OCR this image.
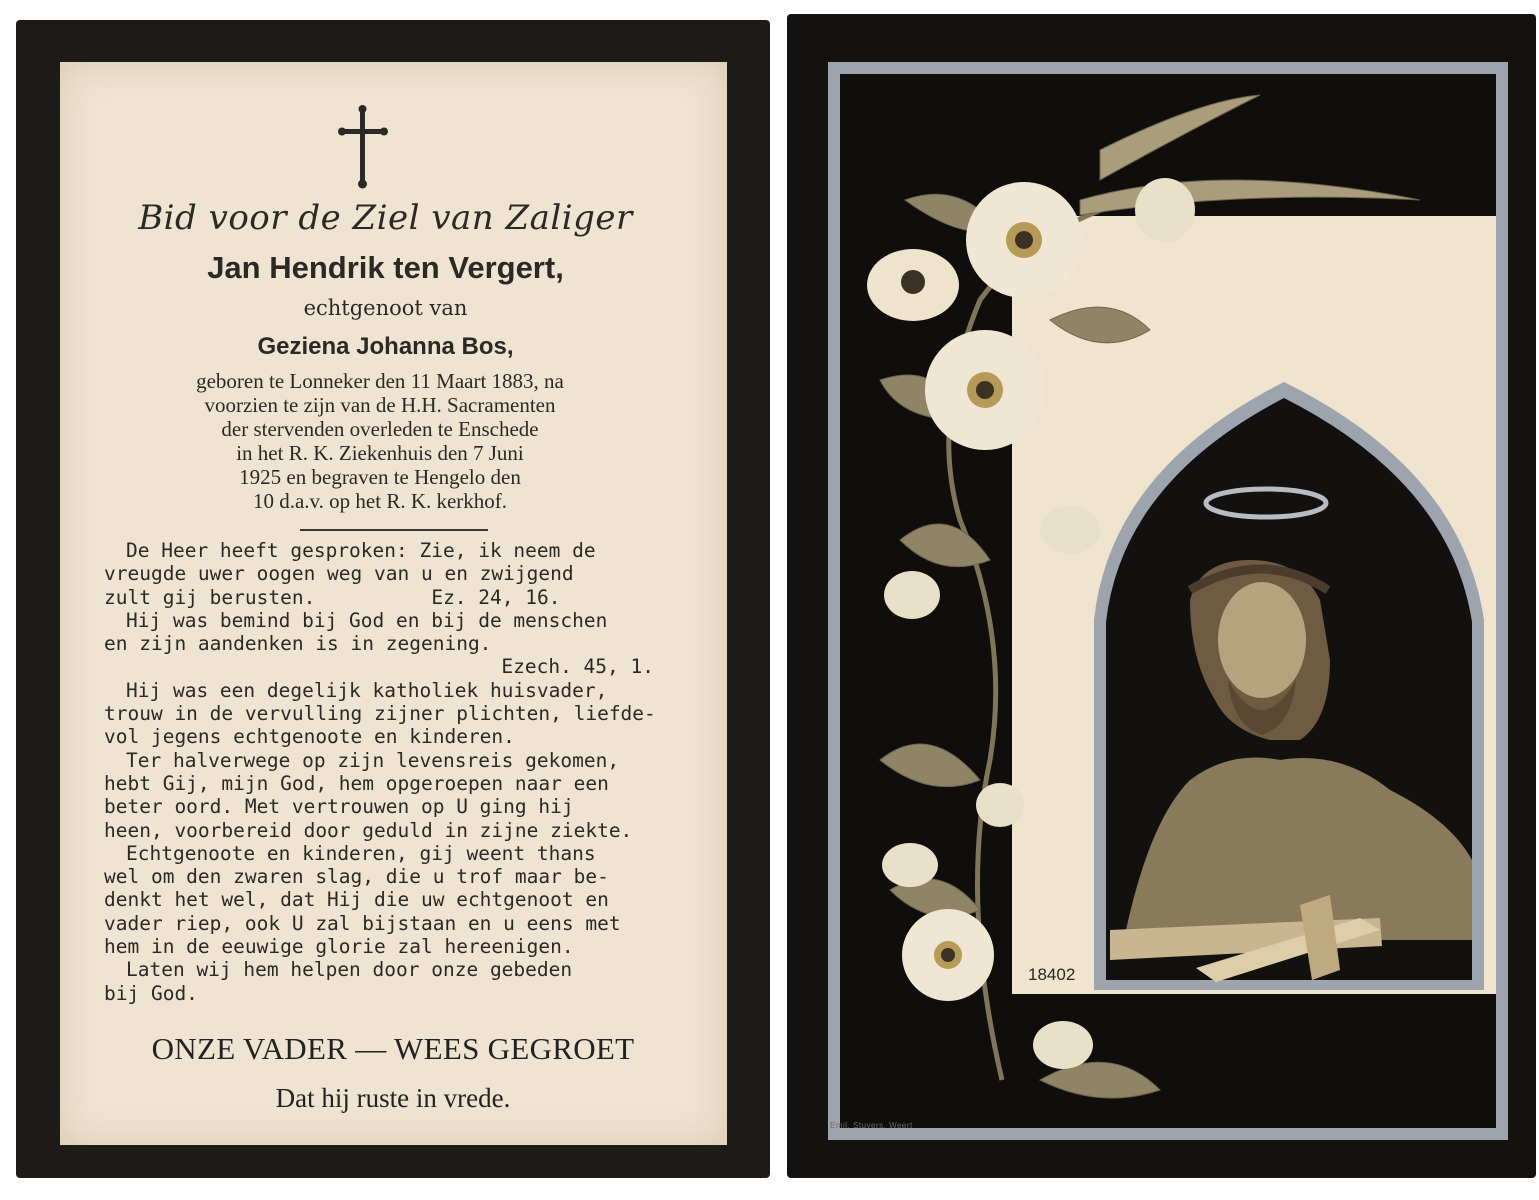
Bid voor de Ziel van Zaliger
Jan Hendrik ten Vergert,
echtgenoot van
Geziena Johanna Bos,
geboren te Lonneker den 11 Maart 1883, na
voorzien te zijn van de H.H. Sacramenten
der stervenden overleden te Enschede
in het R. K. Ziekenhuis den 7 Juni
1925 en begraven te Hengelo den
10 d.a.v. op het R. K. kerkhof.
De Heer heeft gesproken: Zie, ik neem de
vreugde uwer oogen weg van u en zwijgend
zult gij berusten.	Ez. 24, 16.
Hij was bemind bij God en bij de menschen
en zijn aandenken is in zegening.
Ezech. 45, 1.
Hij was een degelijk katholiek huisvader,
trouw in de vervulling zijner plichten, liefde-
vol jegens echtgenoote en kinderen.
Ter halverwege op zijn levensreis gekomen,
hebt Gij, mijn God, hem opgeroepen naar een
beter oord. Met vertrouwen op U ging hij
heen, voorbereid door geduld in zijne ziekte.
Echtgenoote en kinderen, gij weent thans
wel om den zwaren slag, die u trof maar be-
denkt het wel, dat Hij die uw echtgenoot en
vader riep, ook U zal bijstaan en u eens met
hem in de eeuwige glorie zal hereenigen.
Laten wij hem helpen door onze gebeden
bij God.
ONZE VADER — WEES GEGROET
Dat hij ruste in vrede.
18402
Emil. Stuvers. Weert
